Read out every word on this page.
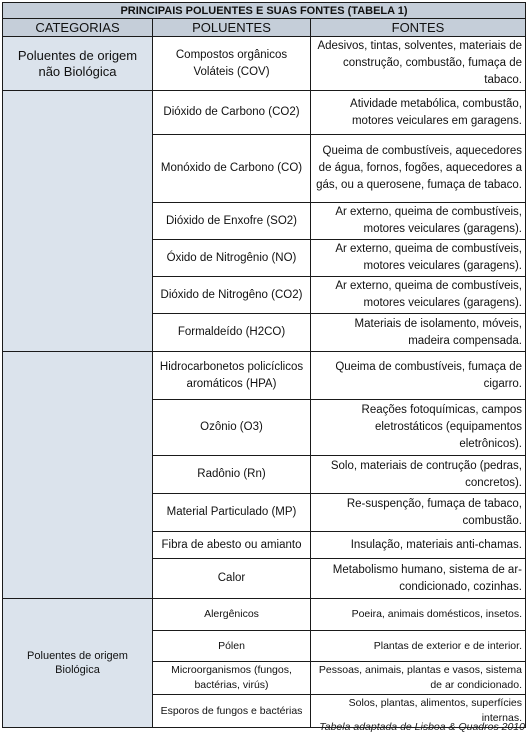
PRINCIPAIS POLUENTES E SUAS FONTES (TABELA 1)		
CATEGORIAS	POLUENTES	FONTES
Poluentes de origem não Biológica	Compostos orgânicos Voláteis (COV)	Adesivos, tintas, solventes, materiais de construção, combustão, fumaça de tabaco.
	Dióxido de Carbono (CO2)	Atividade metabólica, combustão, motores veiculares em garagens.
	Monóxido de Carbono (CO)	Queima de combustíveis, aquecedores de água, fornos, fogões, aquecedores a gás, ou a querosene, fumaça de tabaco.
	Dióxido de Enxofre (SO2)	Ar externo, queima de combustíveis, motores veiculares (garagens).
	Óxido de Nitrogênio (NO)	Ar externo, queima de combustíveis, motores veiculares (garagens).
	Dióxido de Nitrogêno (CO2)	Ar externo, queima de combustíveis, motores veiculares (garagens).
	Formaldeído (H2CO)	Materiais de isolamento, móveis, madeira compensada.
	Hidrocarbonetos policíclicos aromáticos (HPA)	Queima de combustíveis, fumaça de cigarro.
	Ozônio (O3)	Reações fotoquímicas, campos eletrostáticos (equipamentos eletrônicos).
	Radônio (Rn)	Solo, materiais de contrução (pedras, concretos).
	Material Particulado (MP)	Re-suspenção, fumaça de tabaco, combustão.
	Fibra de abesto ou amianto	Insulação, materiais anti-chamas.
	Calor	Metabolismo humano, sistema de ar-condicionado, cozinhas.
Poluentes de origem Biológica	Alergênicos	Poeira, animais domésticos, insetos.
	Pólen	Plantas de exterior e de interior.
	Microorganismos (fungos, bactérias, virús)	Pessoas, animais, plantas e vasos, sistema de ar condicionado.
	Esporos de fungos e bactérias	Solos, plantas, alimentos, superfícies internas.
Tabela adaptada de Lisboa & Quadros 2010
